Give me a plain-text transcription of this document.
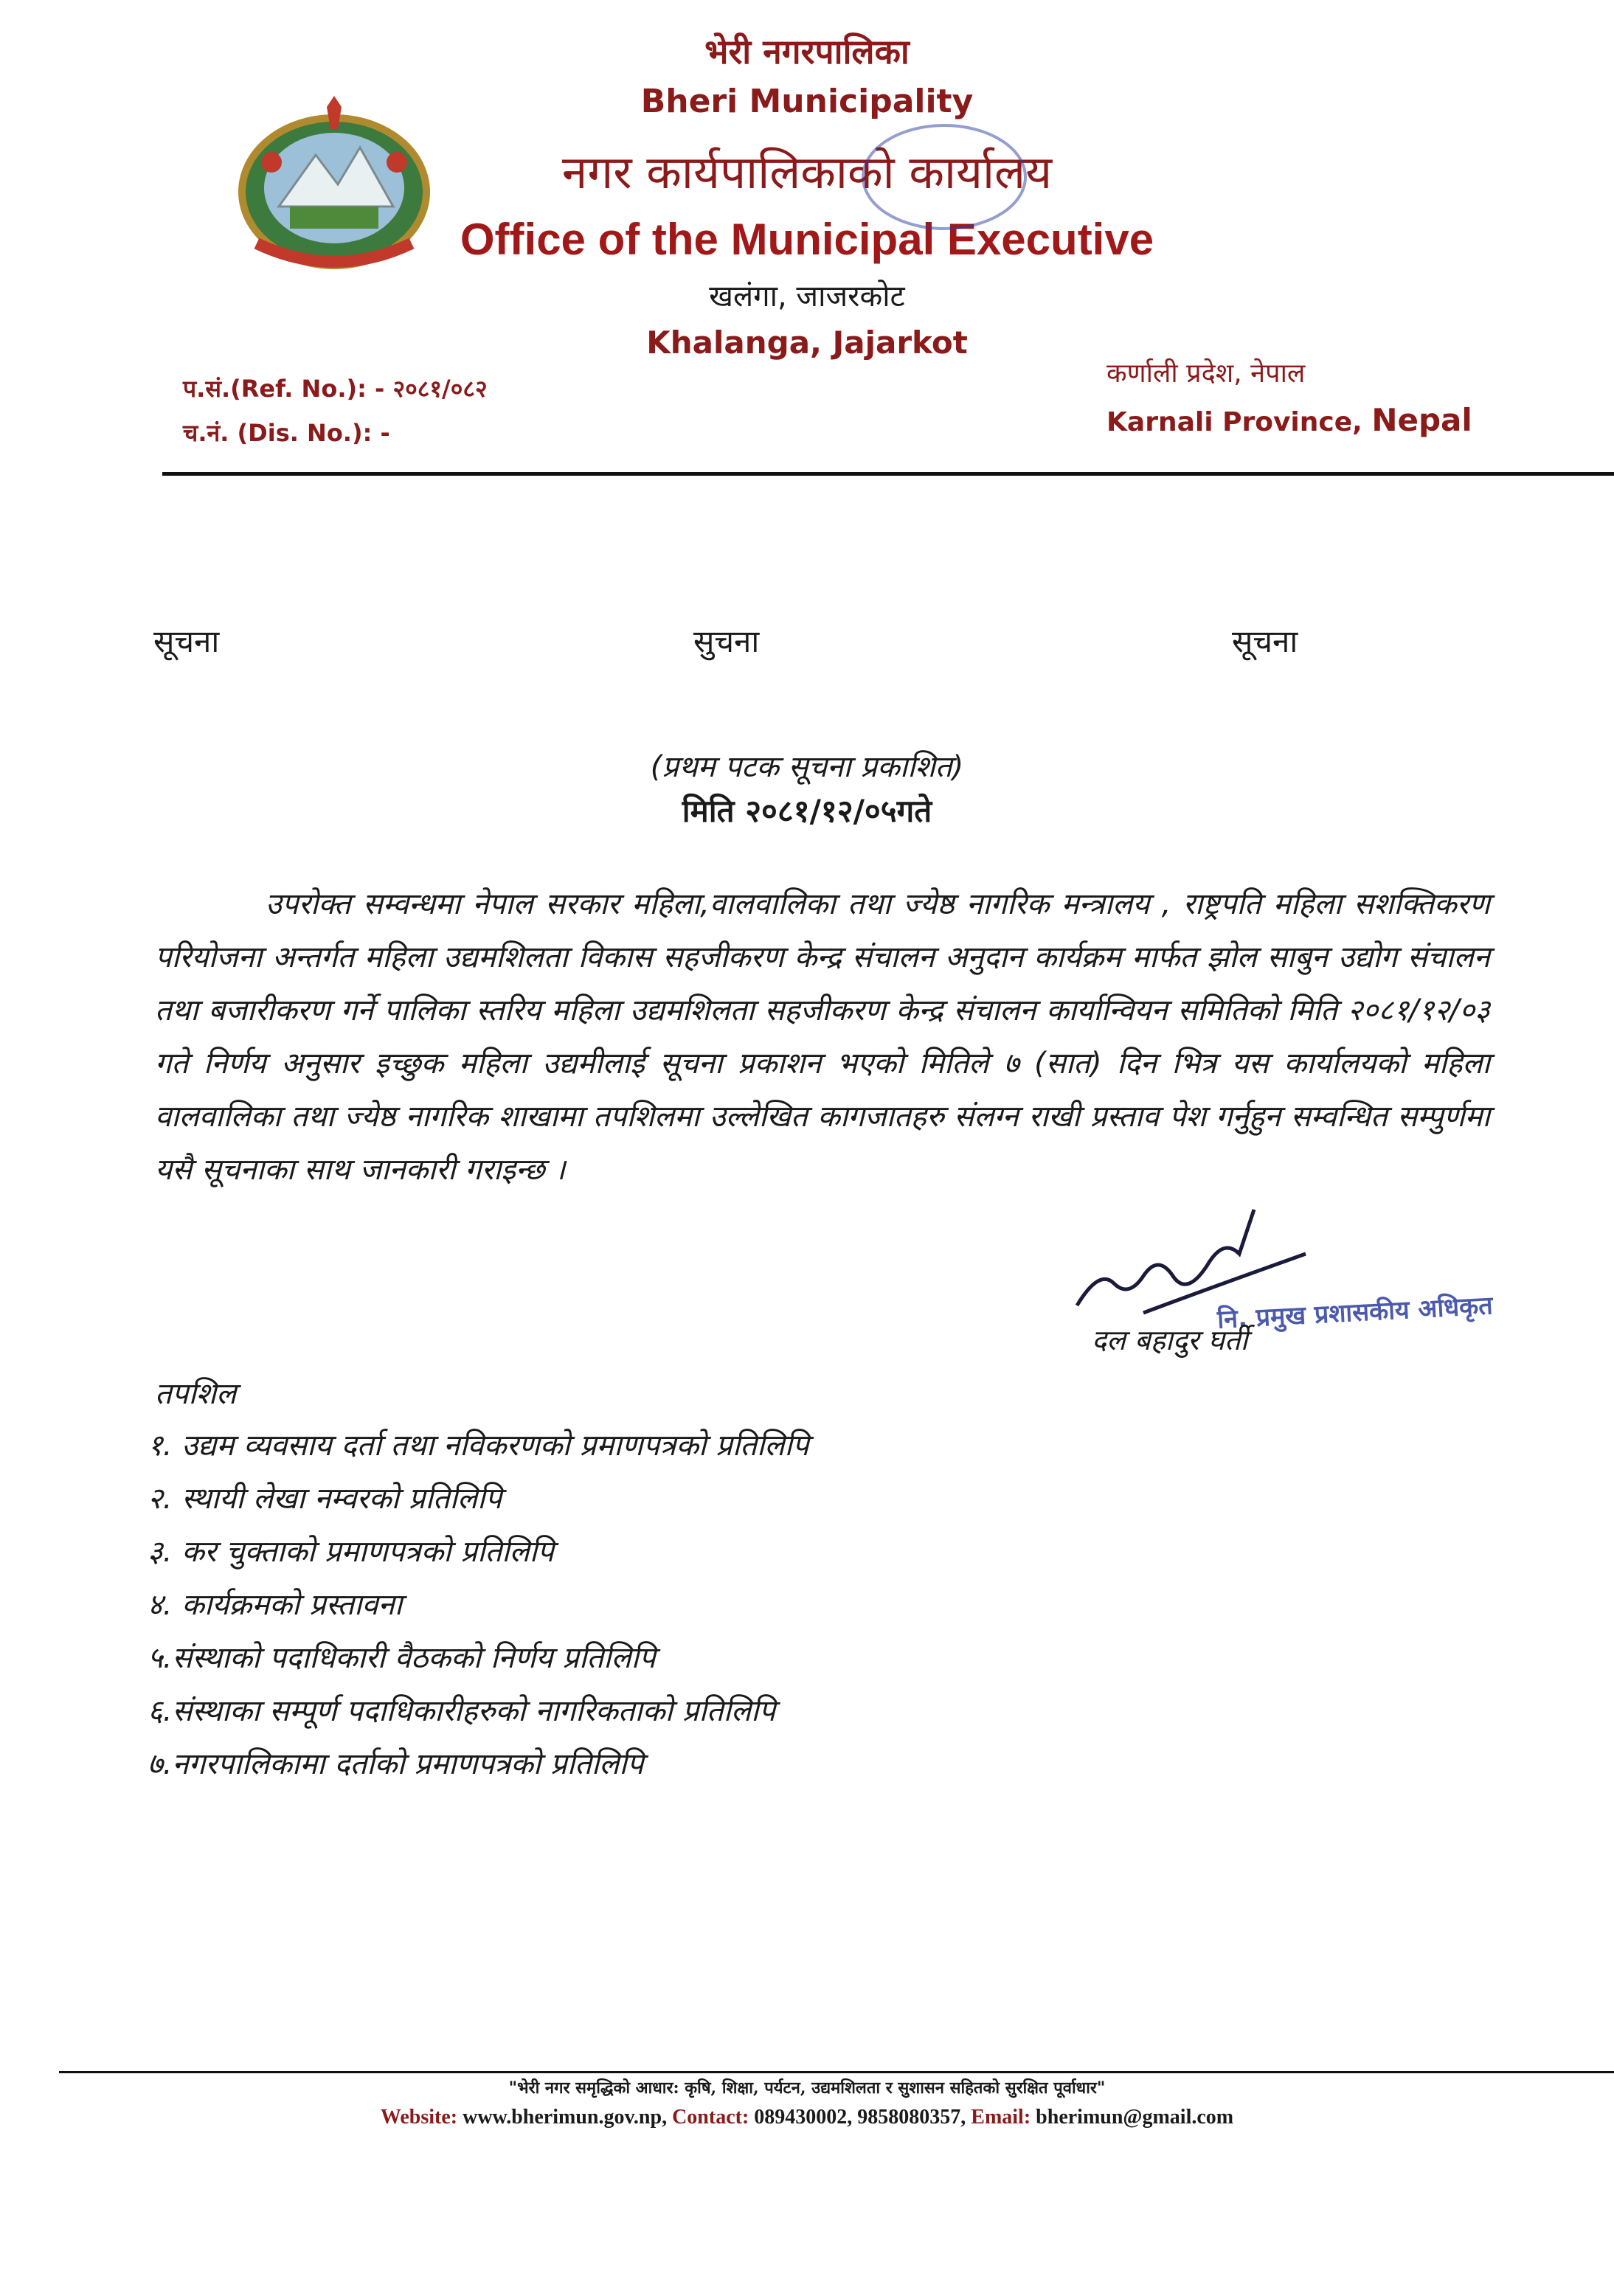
भेरी नगरपालिका
Bheri Municipality
नगर कार्यपालिकाको कार्यालय
Office of the Municipal Executive
खलंगा, जाजरकोट
Khalanga, Jajarkot
प.सं.(Ref. No.): - २०८१/०८२
च.नं. (Dis. No.): -
कर्णाली प्रदेश, नेपाल
Karnali Province, Nepal
सूचना	सुचना	सूचना
(प्रथम पटक सूचना प्रकाशित)
मिति २०८१/१२/०५गते
उपरोक्त सम्वन्धमा नेपाल सरकार महिला,वालवालिका तथा ज्येष्ठ नागरिक मन्त्रालय , राष्ट्रपति महिला सशक्तिकरण परियोजना अन्तर्गत महिला उद्यमशिलता विकास सहजीकरण केन्द्र संचालन अनुदान कार्यक्रम मार्फत झोल साबुन उद्योग संचालन तथा बजारीकरण गर्ने पालिका स्तरिय महिला उद्यमशिलता सहजीकरण केन्द्र संचालन कार्यान्वियन समितिको मिति २०८१/१२/०३ गते निर्णय अनुसार इच्छुक महिला उद्यमीलाई सूचना प्रकाशन भएको मितिले ७ (सात) दिन भित्र यस कार्यालयको महिला वालवालिका तथा ज्येष्ठ नागरिक शाखामा तपशिलमा उल्लेखित कागजातहरु संलग्न राखी प्रस्ताव पेश गर्नुहुन सम्वन्धित सम्पुर्णमा यसै सूचनाका साथ जानकारी गराइन्छ ।
नि. प्रमुख प्रशासकीय अधिकृत
दल बहादुर घर्ती
तपशिल
१. उद्यम व्यवसाय दर्ता तथा नविकरणको प्रमाणपत्रको प्रतिलिपि
२. स्थायी लेखा नम्वरको प्रतिलिपि
३. कर चुक्ताको प्रमाणपत्रको प्रतिलिपि
४. कार्यक्रमको प्रस्तावना
५.संस्थाको पदाधिकारी वैठकको निर्णय प्रतिलिपि
६.संस्थाका सम्पूर्ण पदाधिकारीहरुको नागरिकताको प्रतिलिपि
७.नगरपालिकामा दर्ताको प्रमाणपत्रको प्रतिलिपि
"भेरी नगर समृद्धिको आधार: कृषि, शिक्षा, पर्यटन, उद्यमशिलता र सुशासन सहितको सुरक्षित पूर्वाधार"
Website: www.bherimun.gov.np, Contact: 089430002, 9858080357, Email: bherimun@gmail.com
